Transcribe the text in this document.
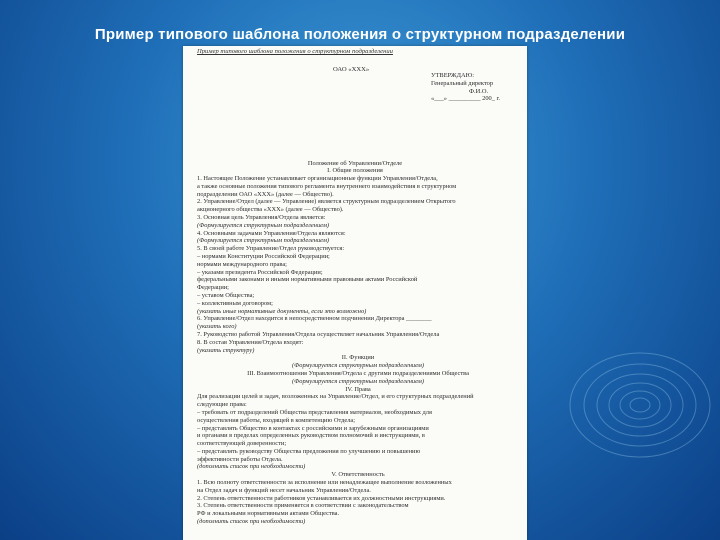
Пример типового шаблона положения о структурном подразделении
Пример типового шаблона положения о структурном подразделении
ОАО «ХХХ»
УТВЕРЖДАЮ:
Генеральный директор
Ф.И.О.
«___» __________ 200_ г.
Положение об Управлении/Отделе
I. Общие положения
1. Настоящее Положение устанавливает организационные функции Управления/Отдела,
а также основные положения типового регламента внутреннего взаимодействия в структурном
подразделении ОАО «ХХХ» (далее — Общество).
2. Управление/Отдел (далее — Управление) является структурным подразделением Открытого
акционерного общества «ХХХ» (далее — Общество).
3. Основная цель Управления/Отдела является:
(Формулируется структурным подразделением)
4. Основными задачами Управления/Отдела являются:
(Формулируется структурным подразделением)
5. В своей работе Управление/Отдел руководствуется:
– нормами Конституции Российской Федерации;
нормами международного права;
– указами президента Российской Федерации;
федеральными законами и иными нормативными правовыми актами Российской
Федерации;
– уставом Общества;
– коллективным договором;
(указать иные нормативные документы, если это возможно)
6. Управление/Отдел находится в непосредственном подчинении Директора ________
(указать кого)
7. Руководство работой Управления/Отдела осуществляет начальник Управления/Отдела
8. В состав Управления/Отдела входят:
(указать структуру)
II. Функции
(Формулируется структурным подразделением)
III. Взаимоотношения Управления/Отдела с другими подразделениями Общества
(Формулируется структурным подразделением)
IV. Права
Для реализации целей и задач, возложенных на Управление/Отдел, и его структурных подразделений
следующие права:
– требовать от подразделений Общества представления материалов, необходимых для
осуществления работы, входящей в компетенцию Отдела;
– представлять Общество в контактах с российскими и зарубежными организациями
и органами в пределах определенных руководством полномочий и инструкциями, в
соответствующей доверенности;
– представлять руководству Общества предложения по улучшению и повышению
эффективности работы Отдела.
(дополнить список при необходимости)
V. Ответственность
1. Всю полноту ответственности за исполнение или ненадлежащее выполнение возложенных
на Отдел задач и функций несет начальник Управления/Отдела.
2. Степень ответственности работников устанавливается их должностными инструкциями.
3. Степень ответственности применяется в соответствии с законодательством
РФ и локальными нормативными актами Общества.
(дополнить список при необходимости)
